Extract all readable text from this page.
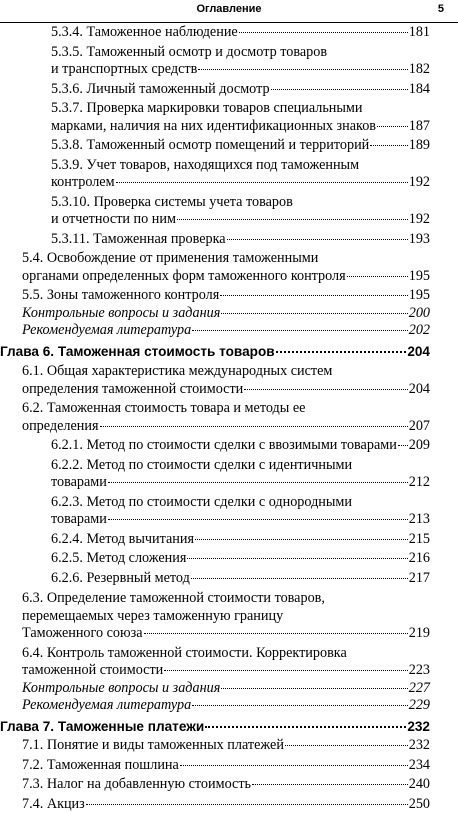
Оглавление	5
5.3.4. Таможенное наблюдение	181
5.3.5. Таможенный осмотр и досмотр товаров
и транспортных средств	182
5.3.6. Личный таможенный досмотр	184
5.3.7. Проверка маркировки товаров специальными
марками, наличия на них идентификационных знаков 187
5.3.8. Таможенный осмотр помещений и территорий	189
5.3.9. Учет товаров, находящихся под таможенным
контролем	192
5.3.10. Проверка системы учета товаров
и отчетности по ним	192
5.3.11. Таможенная проверка	193
5.4. Освобождение от применения таможенными
органами определенных форм таможенного контроля	195
5.5. Зоны таможенного контроля	195
Контрольные вопросы и задания	200
Рекомендуемая литература	202
Глава 6. Таможенная стоимость товаров	204
6.1. Общая характеристика международных систем
определения таможенной стоимости	204
6.2. Таможенная стоимость товара и методы ее
определения	207
6.2.1. Метод по стоимости сделки с ввозимыми товарами 209
6.2.2. Метод по стоимости сделки с идентичными
товарами	212
6.2.3. Метод по стоимости сделки с однородными
товарами	213
6.2.4. Метод вычитания	215
6.2.5. Метод сложения	216
6.2.6. Резервный метод	217
6.3. Определение таможенной стоимости товаров,
перемещаемых через таможенную границу
Таможенного союза	219
6.4. Контроль таможенной стоимости. Корректировка
таможенной стоимости	223
Контрольные вопросы и задания	227
Рекомендуемая литература	229
Глава 7. Таможенные платежи	232
7.1. Понятие и виды таможенных платежей	232
7.2. Таможенная пошлина	234
7.3. Налог на добавленную стоимость	240
7.4. Акциз	250
